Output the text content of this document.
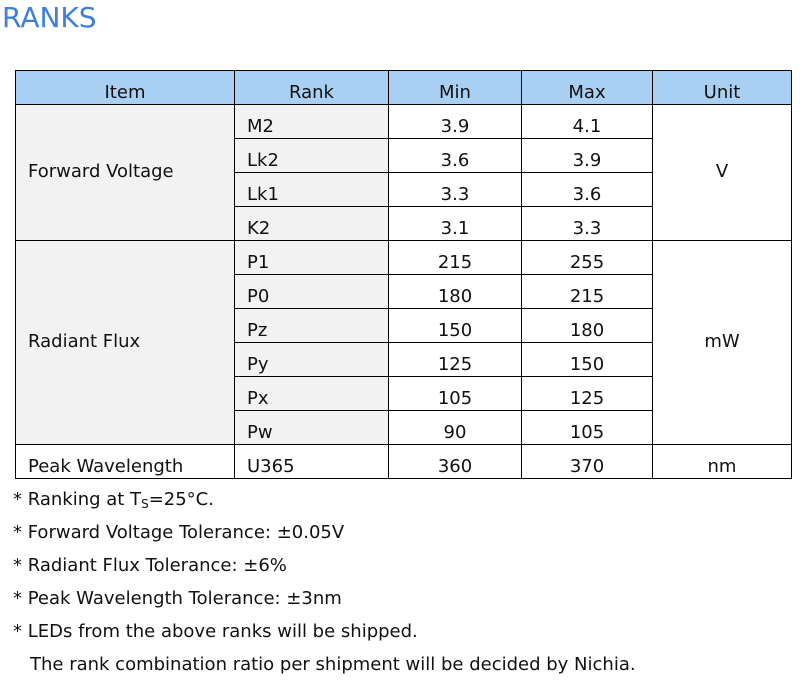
RANKS
Item	Rank	Min	Max	Unit
Forward Voltage	M2	3.9	4.1	V
	Lk2	3.6	3.9	
	Lk1	3.3	3.6	
	K2	3.1	3.3	
Radiant Flux	P1	215	255	mW
	P0	180	215	
	Pz	150	180	
	Py	125	150	
	Px	105	125	
	Pw	90	105	
Peak Wavelength	U365	360	370	nm
* Ranking at $T_S=25^\circ C$.
* Forward Voltage Tolerance: ±0.05V
* Radiant Flux Tolerance: ±6%
* Peak Wavelength Tolerance: ±3nm
* LEDs from the above ranks will be shipped.
The rank combination ratio per shipment will be decided by Nichia.
